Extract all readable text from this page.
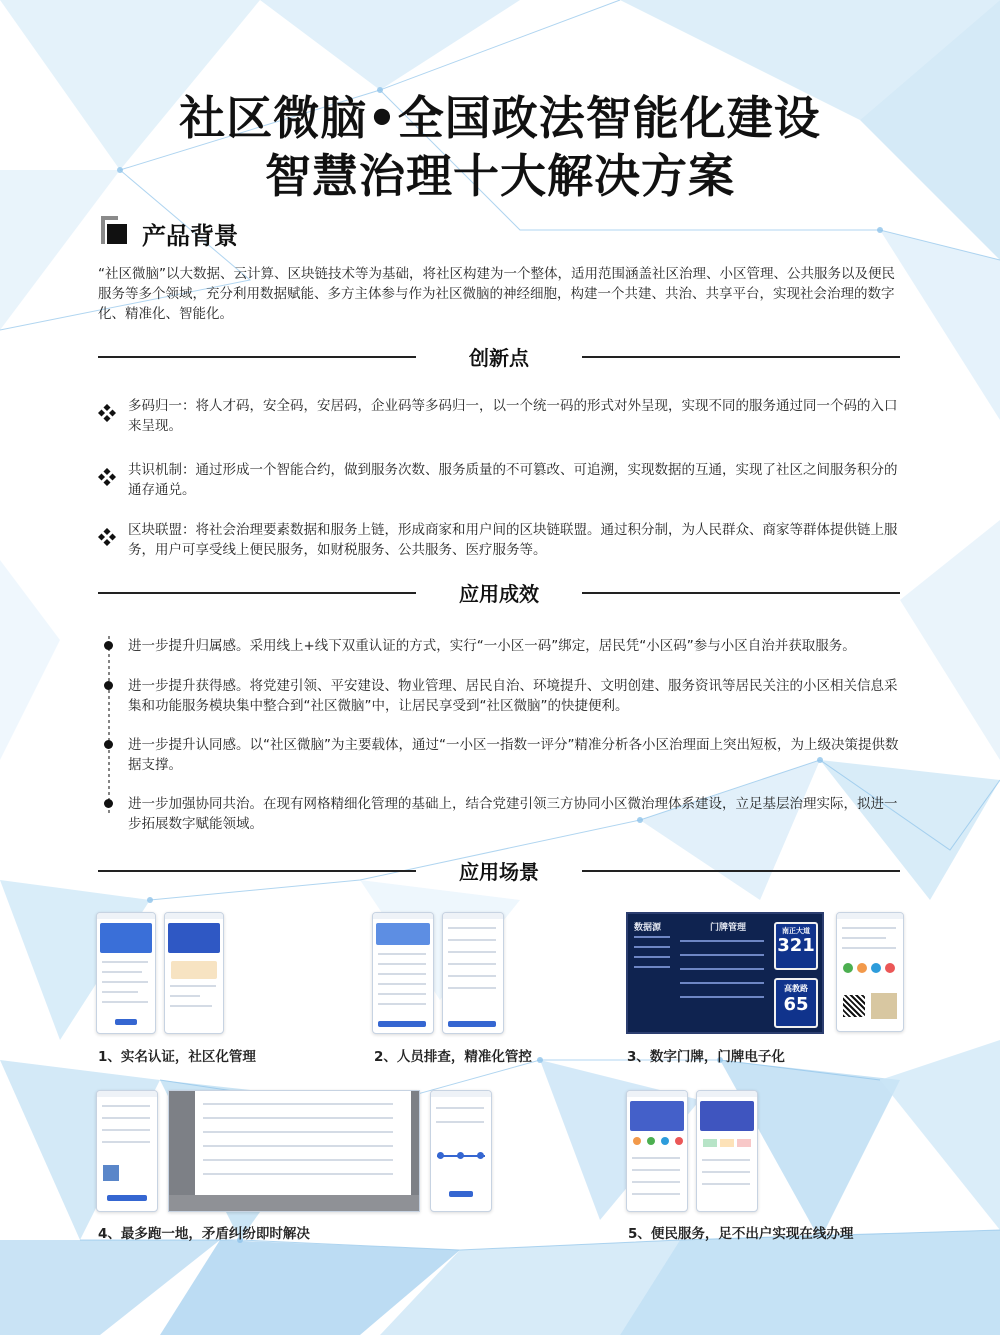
社区微脑•全国政法智能化建设
智慧治理十大解决方案
产品背景
“社区微脑”以大数据、云计算、区块链技术等为基础，将社区构建为一个整体，适用范围涵盖社区治理、小区管理、公共服务以及便民服务等多个领域，充分利用数据赋能、多方主体参与作为社区微脑的神经细胞，构建一个共建、共治、共享平台，实现社会治理的数字化、精准化、智能化。
创新点
多码归一：将人才码，安全码，安居码，企业码等多码归一，以一个统一码的形式对外呈现，实现不同的服务通过同一个码的入口来呈现。
共识机制：通过形成一个智能合约，做到服务次数、服务质量的不可篡改、可追溯，实现数据的互通，实现了社区之间服务积分的通存通兑。
区块联盟：将社会治理要素数据和服务上链，形成商家和用户间的区块链联盟。通过积分制，为人民群众、商家等群体提供链上服务，用户可享受线上便民服务，如财税服务、公共服务、医疗服务等。
应用成效
进一步提升归属感。采用线上+线下双重认证的方式，实行“一小区一码”绑定，居民凭“小区码”参与小区自治并获取服务。
进一步提升获得感。将党建引领、平安建设、物业管理、居民自治、环境提升、文明创建、服务资讯等居民关注的小区相关信息采集和功能服务模块集中整合到“社区微脑”中，让居民享受到“社区微脑”的快捷便利。
进一步提升认同感。以“社区微脑”为主要载体，通过“一小区一指数一评分”精准分析各小区治理面上突出短板，为上级决策提供数据支撑。
进一步加强协同共治。在现有网格精细化管理的基础上，结合党建引领三方协同小区微治理体系建设，立足基层治理实际，拟进一步拓展数字赋能领域。
应用场景
1、实名认证，社区化管理	2、人员排查，精准化管控
数据源	门牌管理	南正大道
321
高教路
65
3、数字门牌，门牌电子化
4、最多跑一地，矛盾纠纷即时解决	5、便民服务，足不出户实现在线办理
